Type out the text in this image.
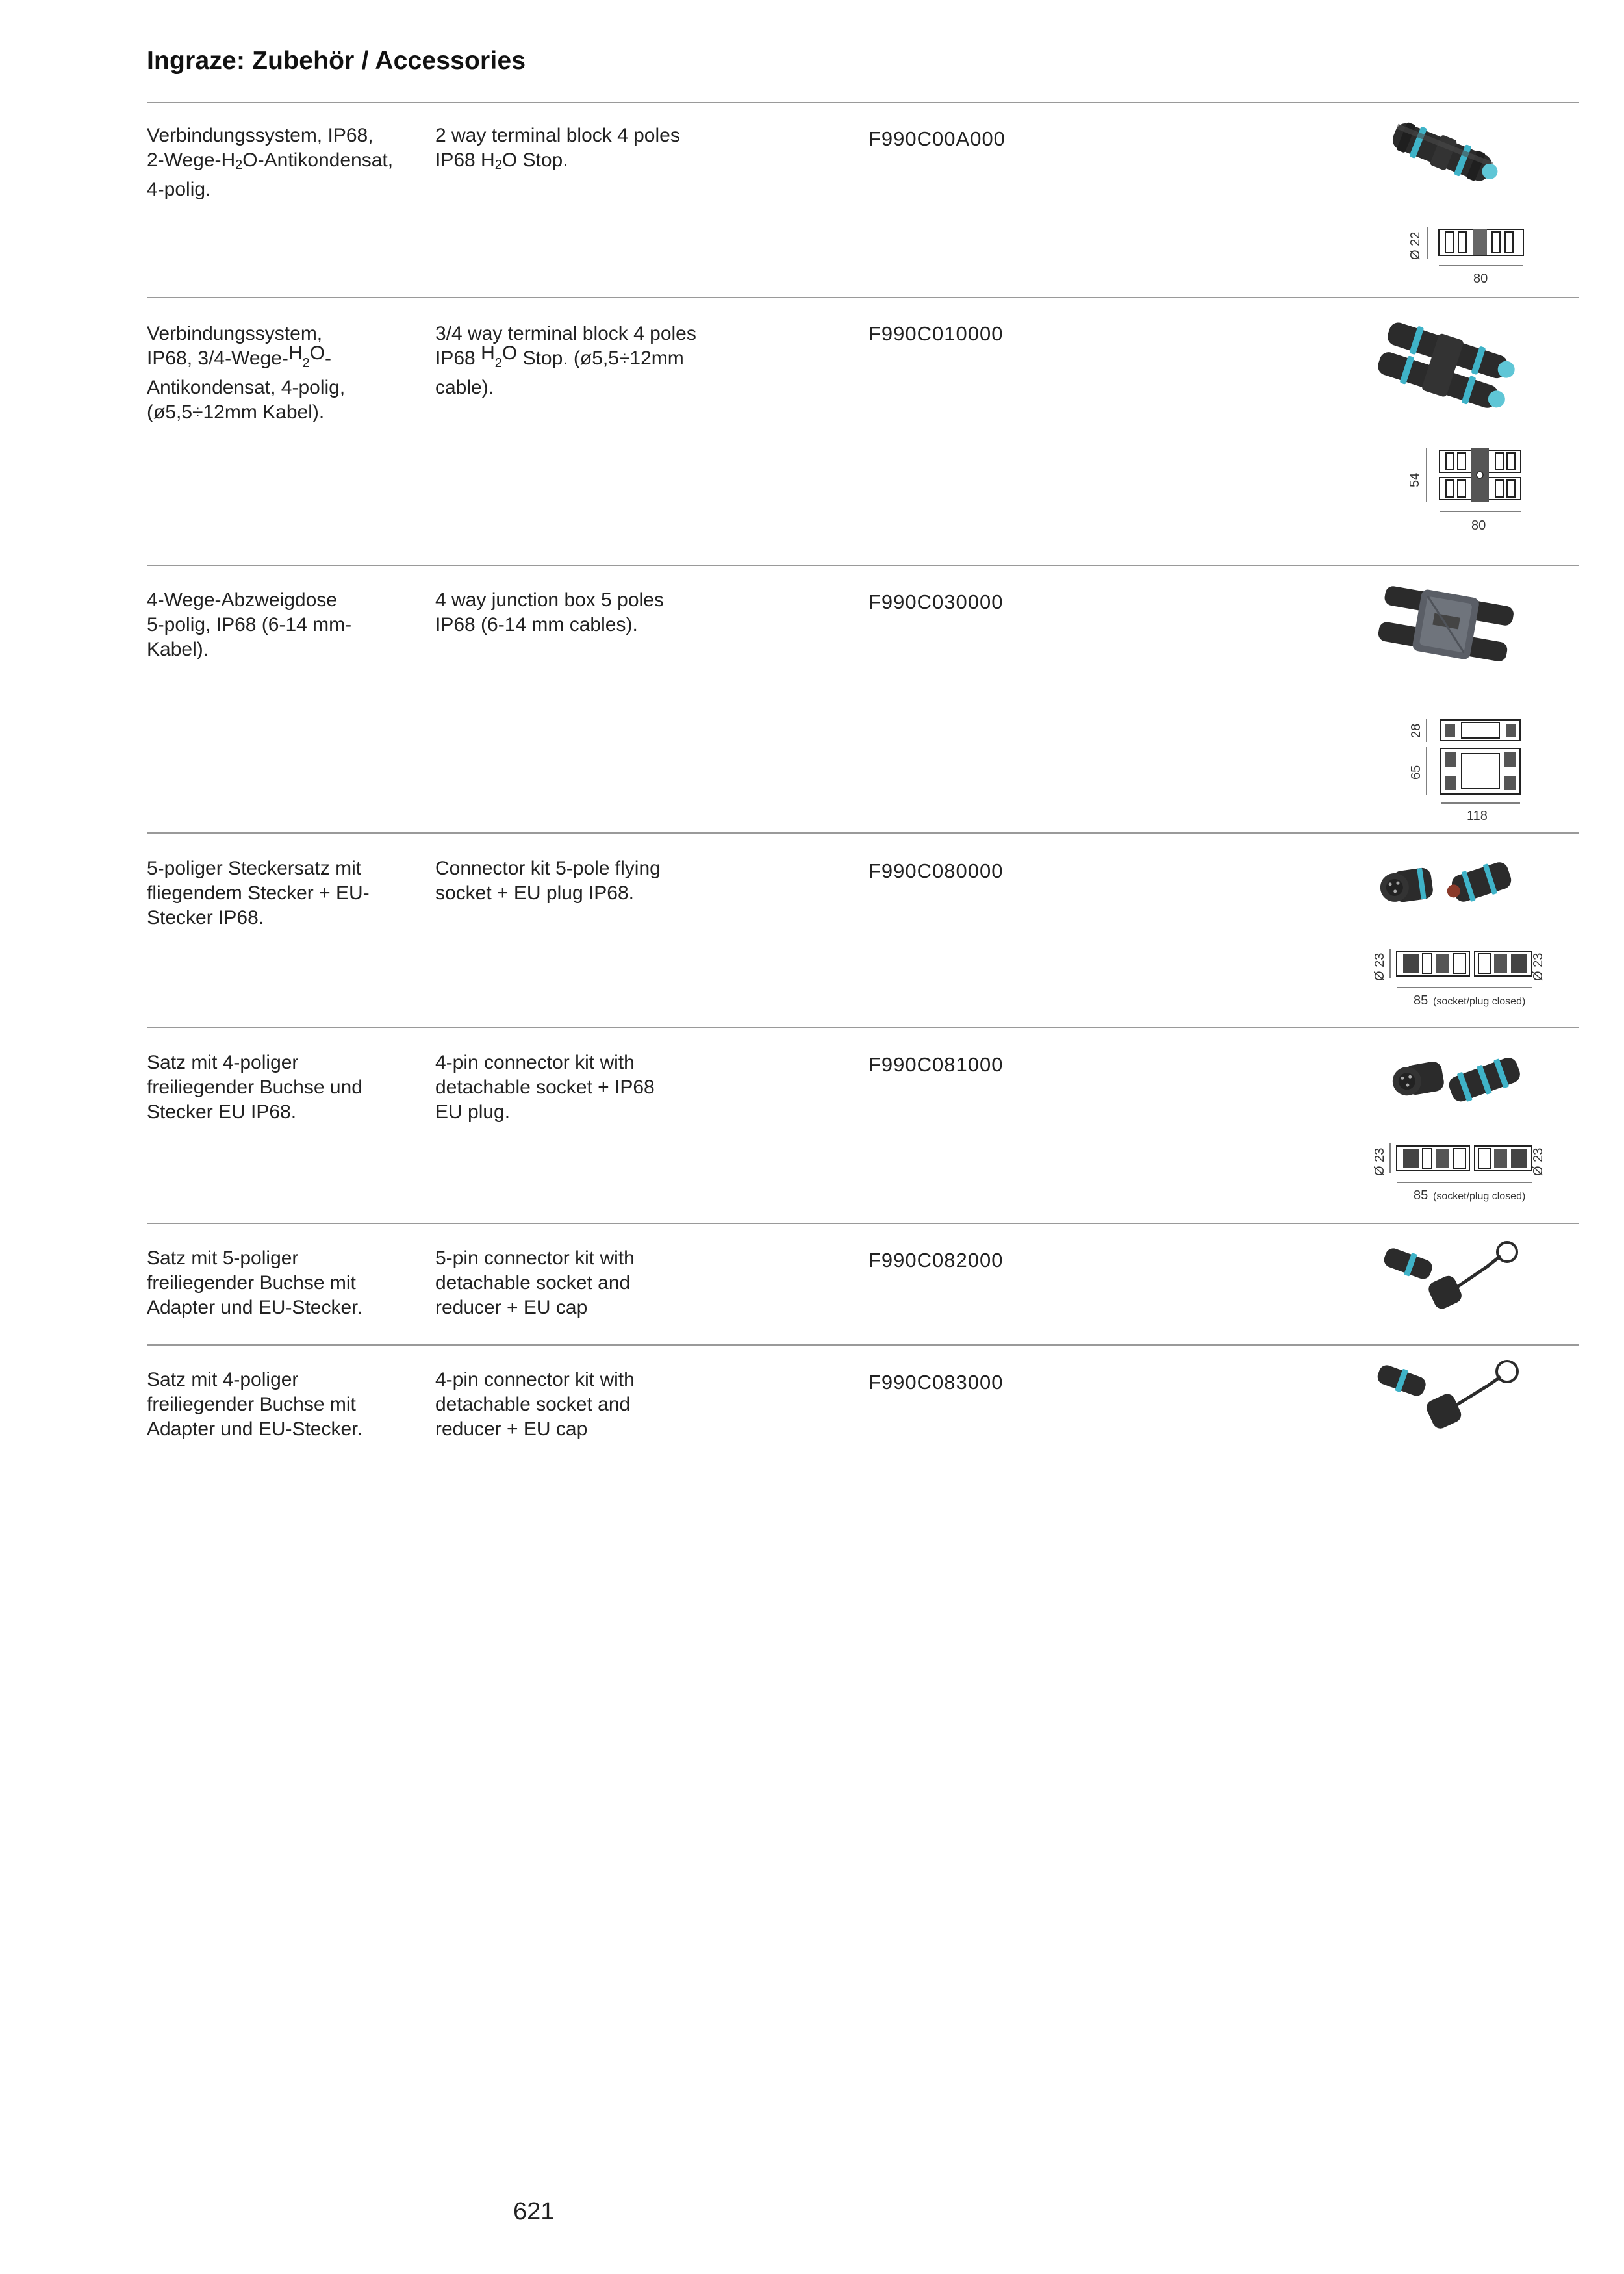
Ingraze: Zubehör / Accessories
Verbindungssystem, IP68,
$2-Wege-H_2O$-Antikondensat,
4-polig.
2 way terminal block 4 poles
IP68 $H_2O$ Stop.
F990C00A000
Ø 22
80
Verbindungssystem,
IP68, $3/4-Wege-H_2O-$
Antikondensat, 4-polig,
(ø5,5÷12mm Kabel).
3/4 way terminal block 4 poles
IP68 $H_2O$ Stop. (ø5,5÷12mm
cable).
F990C010000
54
80
4-Wege-Abzweigdose
5-polig, IP68 (6-14 mm-
Kabel).
4 way junction box 5 poles
IP68 (6-14 mm cables).
F990C030000
28
65
118
5-poliger Steckersatz mit
fliegendem Stecker + EU-
Stecker IP68.
Connector kit 5-pole flying
socket + EU plug IP68.
F990C080000
Ø 23	Ø 23
85 (socket/plug closed)
Satz mit 4-poliger
freiliegender Buchse und
Stecker EU IP68.
4-pin connector kit with
detachable socket + IP68
EU plug.
F990C081000
Ø 23	Ø 23
85 (socket/plug closed)
Satz mit 5-poliger
freiliegender Buchse mit
Adapter und EU-Stecker.
5-pin connector kit with
detachable socket and
reducer + EU cap
F990C082000
Satz mit 4-poliger
freiliegender Buchse mit
Adapter und EU-Stecker.
4-pin connector kit with
detachable socket and
reducer + EU cap
F990C083000
621
